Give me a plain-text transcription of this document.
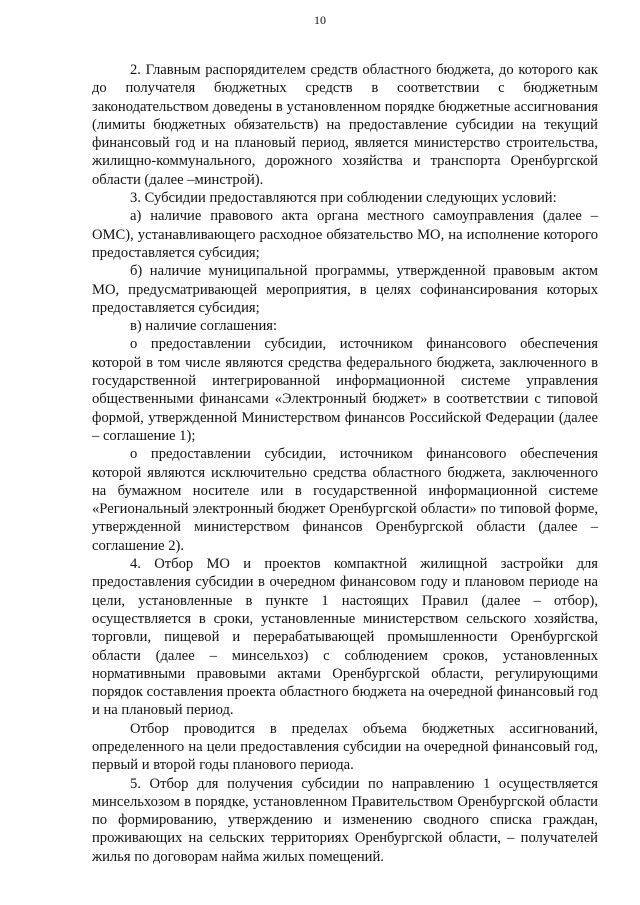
10

2. Главным распорядителем средств областного бюджета, до которого как до получателя бюджетных средств в соответствии с бюджетным законодательством доведены в установленном порядке бюджетные ассигнования (лимиты бюджетных обязательств) на предоставление субсидии на текущий финансовый год и на плановый период, является министерство строительства, жилищно-коммунального, дорожного хозяйства и транспорта Оренбургской области (далее –минстрой).

3. Субсидии предоставляются при соблюдении следующих условий:

а) наличие правового акта органа местного самоуправления (далее – ОМС), устанавливающего расходное обязательство МО, на исполнение которого предоставляется субсидия;

б) наличие муниципальной программы, утвержденной правовым актом МО, предусматривающей мероприятия, в целях софинансирования которых предоставляется субсидия;

в) наличие соглашения:

о предоставлении субсидии, источником финансового обеспечения которой в том числе являются средства федерального бюджета, заключенного в государственной интегрированной информационной системе управления общественными финансами «Электронный бюджет» в соответствии с типовой формой, утвержденной Министерством финансов Российской Федерации (далее – соглашение 1);

о предоставлении субсидии, источником финансового обеспечения которой являются исключительно средства областного бюджета, заключенного на бумажном носителе или в государственной информационной системе «Региональный электронный бюджет Оренбургской области» по типовой форме, утвержденной министерством финансов Оренбургской области (далее – соглашение 2).

4. Отбор МО и проектов компактной жилищной застройки для предоставления субсидии в очередном финансовом году и плановом периоде на цели, установленные в пункте 1 настоящих Правил (далее – отбор), осуществляется в сроки, установленные министерством сельского хозяйства, торговли, пищевой и перерабатывающей промышленности Оренбургской области (далее – минсельхоз) с соблюдением сроков, установленных нормативными правовыми актами Оренбургской области, регулирующими порядок составления проекта областного бюджета на очередной финансовый год и на плановый период.

Отбор проводится в пределах объема бюджетных ассигнований, определенного на цели предоставления субсидии на очередной финансовый год, первый и второй годы планового периода.

5. Отбор для получения субсидии по направлению 1 осуществляется минсельхозом в порядке, установленном Правительством Оренбургской области по формированию, утверждению и изменению сводного списка граждан, проживающих на сельских территориях Оренбургской области, – получателей жилья по договорам найма жилых помещений.
